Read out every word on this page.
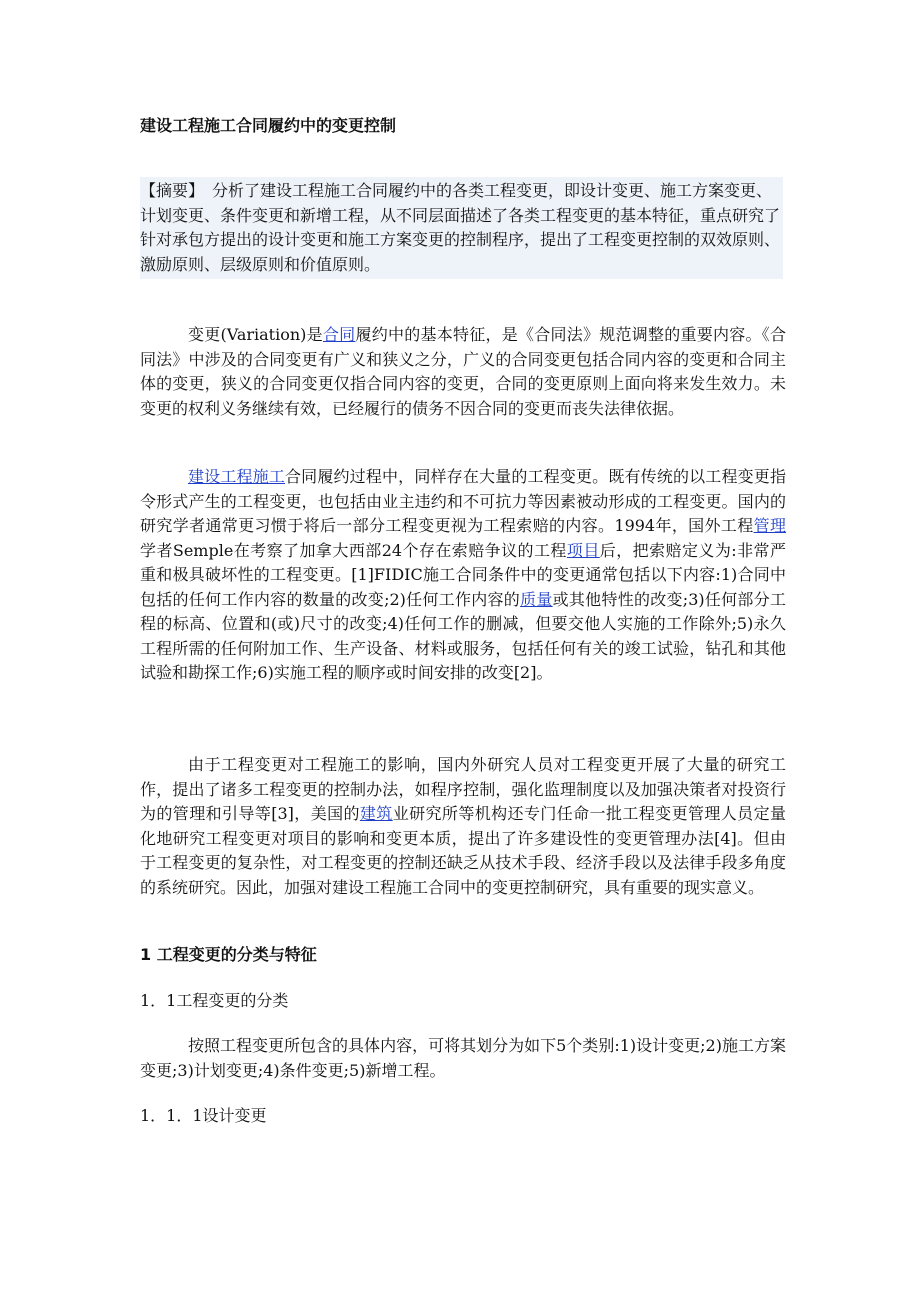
建设工程施工合同履约中的变更控制
【摘要】 分析了建设工程施工合同履约中的各类工程变更，即设计变更、施工方案变更、计划变更、条件变更和新增工程，从不同层面描述了各类工程变更的基本特征，重点研究了针对承包方提出的设计变更和施工方案变更的控制程序，提出了工程变更控制的双效原则、激励原则、层级原则和价值原则。
变更(Variation)是合同履约中的基本特征，是《合同法》规范调整的重要内容。《合同法》中涉及的合同变更有广义和狭义之分，广义的合同变更包括合同内容的变更和合同主体的变更，狭义的合同变更仅指合同内容的变更，合同的变更原则上面向将来发生效力。未变更的权利义务继续有效，已经履行的债务不因合同的变更而丧失法律依据。
建设工程施工合同履约过程中，同样存在大量的工程变更。既有传统的以工程变更指令形式产生的工程变更，也包括由业主违约和不可抗力等因素被动形成的工程变更。国内的研究学者通常更习惯于将后一部分工程变更视为工程索赔的内容。1994年，国外工程管理学者Semple在考察了加拿大西部24个存在索赔争议的工程项目后，把索赔定义为:非常严重和极具破坏性的工程变更。[1]FIDIC施工合同条件中的变更通常包括以下内容:1)合同中包括的任何工作内容的数量的改变;2)任何工作内容的质量或其他特性的改变;3)任何部分工程的标高、位置和(或)尺寸的改变;4)任何工作的删减，但要交他人实施的工作除外;5)永久工程所需的任何附加工作、生产设备、材料或服务，包括任何有关的竣工试验，钻孔和其他试验和勘探工作;6)实施工程的顺序或时间安排的改变[2]。
由于工程变更对工程施工的影响，国内外研究人员对工程变更开展了大量的研究工作，提出了诸多工程变更的控制办法，如程序控制，强化监理制度以及加强决策者对投资行为的管理和引导等[3]，美国的建筑业研究所等机构还专门任命一批工程变更管理人员定量化地研究工程变更对项目的影响和变更本质，提出了许多建设性的变更管理办法[4]。但由于工程变更的复杂性，对工程变更的控制还缺乏从技术手段、经济手段以及法律手段多角度的系统研究。因此，加强对建设工程施工合同中的变更控制研究，具有重要的现实意义。
1 工程变更的分类与特征
1．1工程变更的分类
按照工程变更所包含的具体内容，可将其划分为如下5个类别:1)设计变更;2)施工方案变更;3)计划变更;4)条件变更;5)新增工程。
1．1．1设计变更
